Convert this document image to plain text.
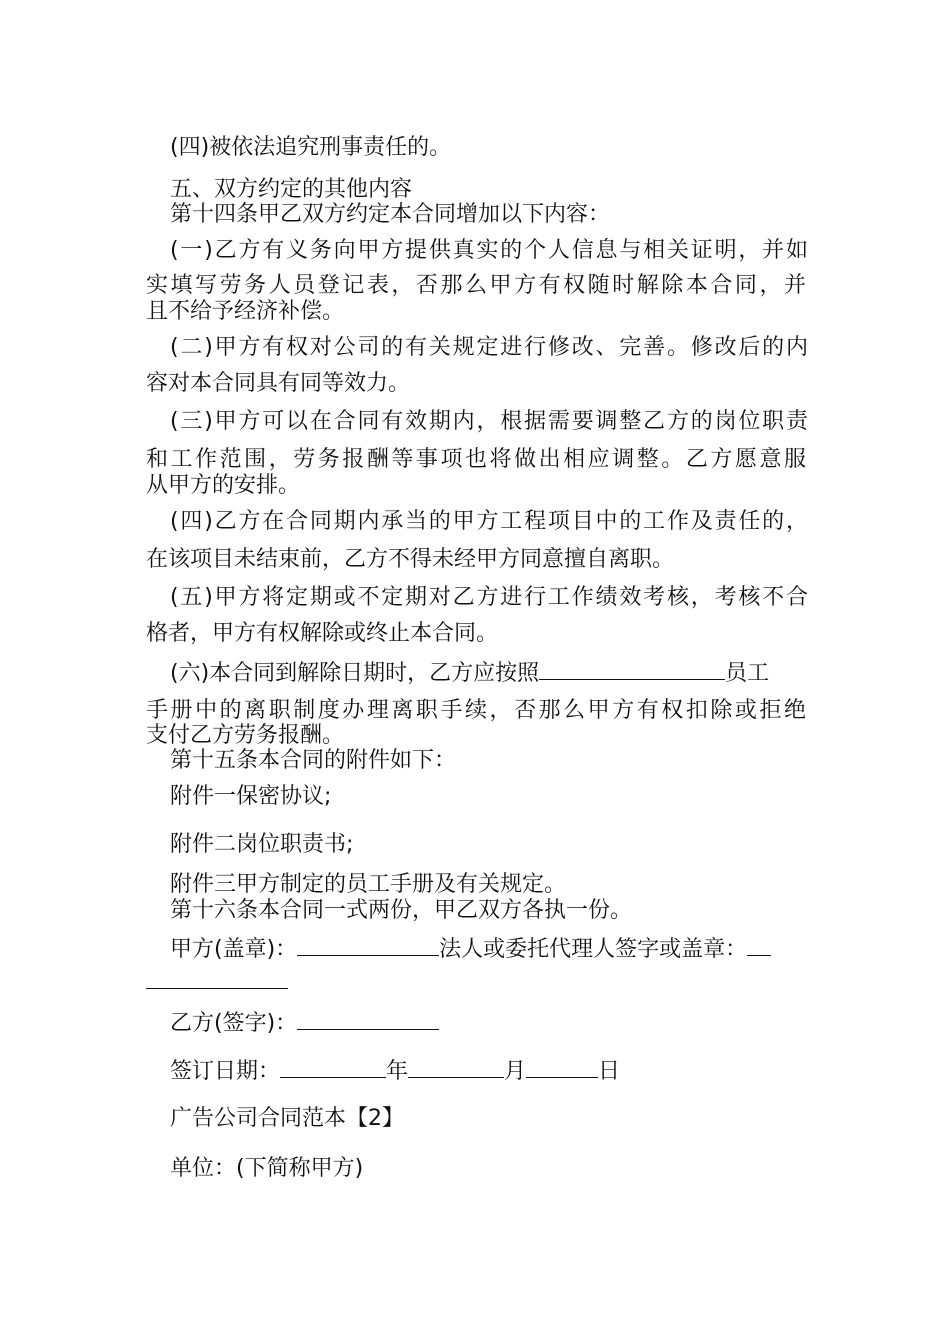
(四)被依法追究刑事责任的。

五、双方约定的其他内容

第十四条甲乙双方约定本合同增加以下内容：

(一)乙方有义务向甲方提供真实的个人信息与相关证明，并如

实填写劳务人员登记表，否那么甲方有权随时解除本合同，并

且不给予经济补偿。

(二)甲方有权对公司的有关规定进行修改、完善。修改后的内

容对本合同具有同等效力。

(三)甲方可以在合同有效期内，根据需要调整乙方的岗位职责

和工作范围，劳务报酬等事项也将做出相应调整。乙方愿意服

从甲方的安排。

(四)乙方在合同期内承当的甲方工程项目中的工作及责任的，

在该项目未结束前，乙方不得未经甲方同意擅自离职。

(五)甲方将定期或不定期对乙方进行工作绩效考核，考核不合

格者，甲方有权解除或终止本合同。

(六)本合同到解除日期时，乙方应按照	员工

手册中的离职制度办理离职手续，否那么甲方有权扣除或拒绝

支付乙方劳务报酬。

第十五条本合同的附件如下：

附件一保密协议;

附件二岗位职责书;

附件三甲方制定的员工手册及有关规定。

第十六条本合同一式两份，甲乙双方各执一份。

甲方(盖章)：	法人或委托代理人签字或盖章：

乙方(签字)：

签订日期：	年	月	日

广告公司合同范本【2】

单位：(下简称甲方)
